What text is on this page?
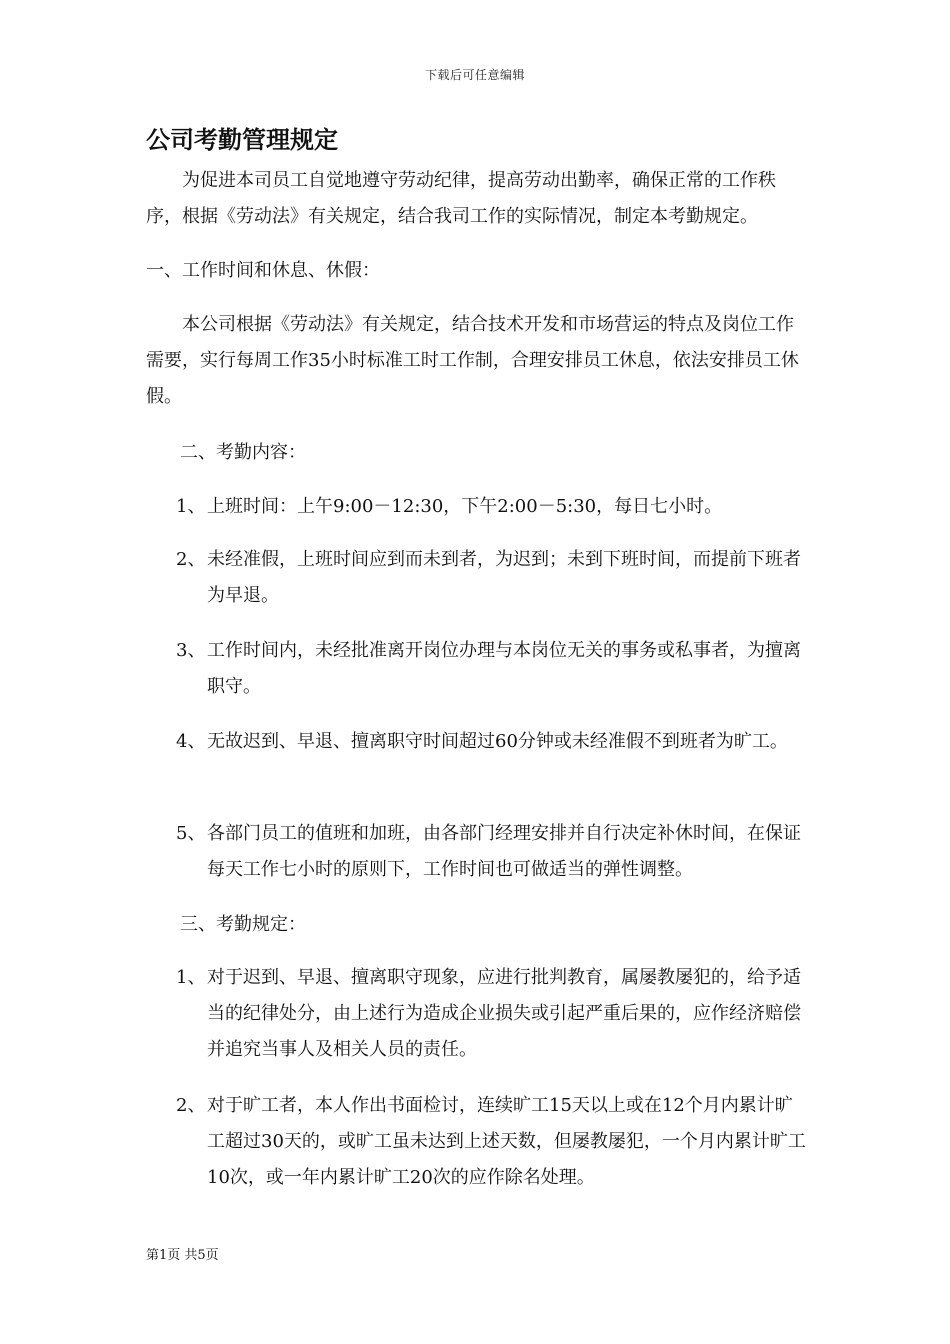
下载后可任意编辑
公司考勤管理规定
为促进本司员工自觉地遵守劳动纪律，提高劳动出勤率，确保正常的工作秩序，根据《劳动法》有关规定，结合我司工作的实际情况，制定本考勤规定。
一、工作时间和休息、休假：
本公司根据《劳动法》有关规定，结合技术开发和市场营运的特点及岗位工作需要，实行每周工作35小时标准工时工作制，合理安排员工休息，依法安排员工休假。
二、考勤内容：
1、 上班时间：上午9:00－12:30，下午2:00－5:30，每日七小时。
2、 未经准假，上班时间应到而未到者，为迟到；未到下班时间，而提前下班者为早退。
3、 工作时间内，未经批准离开岗位办理与本岗位无关的事务或私事者，为擅离职守。
4、 无故迟到、早退、擅离职守时间超过60分钟或未经准假不到班者为旷工。
5、 各部门员工的值班和加班，由各部门经理安排并自行决定补休时间，在保证每天工作七小时的原则下，工作时间也可做适当的弹性调整。
三、考勤规定：
1、 对于迟到、早退、擅离职守现象，应进行批判教育，属屡教屡犯的，给予适当的纪律处分，由上述行为造成企业损失或引起严重后果的，应作经济赔偿并追究当事人及相关人员的责任。
2、 对于旷工者，本人作出书面检讨，连续旷工15天以上或在12个月内累计旷工超过30天的，或旷工虽未达到上述天数，但屡教屡犯，一个月内累计旷工10次，或一年内累计旷工20次的应作除名处理。
第1页 共5页
